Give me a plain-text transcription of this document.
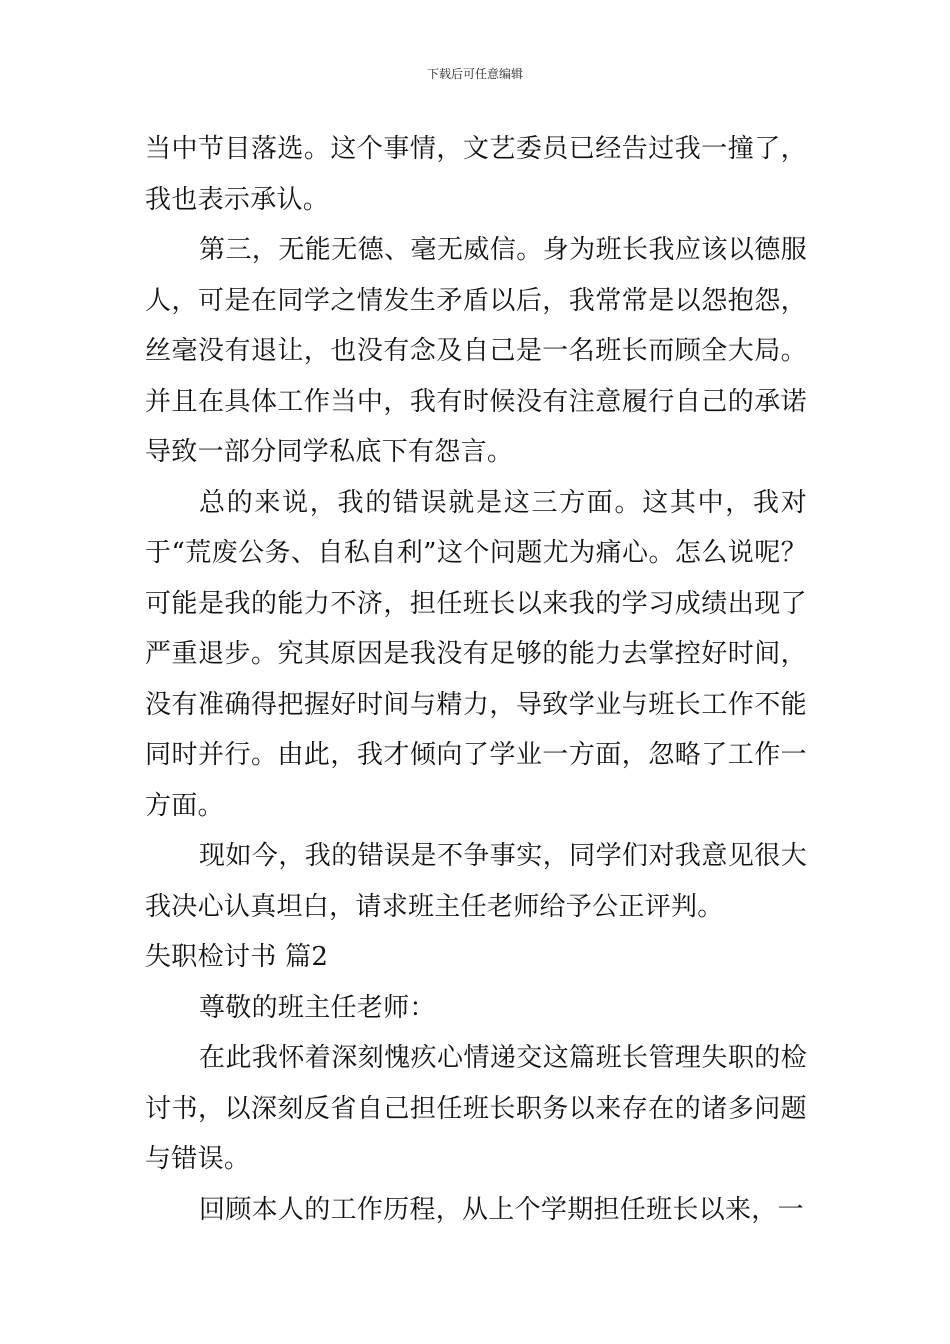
下载后可任意编辑

当中节目落选。这个事情，文艺委员已经告过我一撞了，我也表示承认。

第三，无能无德、毫无威信。身为班长我应该以德服人，可是在同学之情发生矛盾以后，我常常是以怨抱怨，丝毫没有退让，也没有念及自己是一名班长而顾全大局。并且在具体工作当中，我有时候没有注意履行自己的承诺导致一部分同学私底下有怨言。

总的来说，我的错误就是这三方面。这其中，我对于“荒废公务、自私自利”这个问题尤为痛心。怎么说呢？可能是我的能力不济，担任班长以来我的学习成绩出现了严重退步。究其原因是我没有足够的能力去掌控好时间，没有准确得把握好时间与精力，导致学业与班长工作不能同时并行。由此，我才倾向了学业一方面，忽略了工作一方面。

现如今，我的错误是不争事实，同学们对我意见很大我决心认真坦白，请求班主任老师给予公正评判。

失职检讨书 篇2

尊敬的班主任老师：

在此我怀着深刻愧疚心情递交这篇班长管理失职的检讨书，以深刻反省自己担任班长职务以来存在的诸多问题与错误。

回顾本人的工作历程，从上个学期担任班长以来，一
